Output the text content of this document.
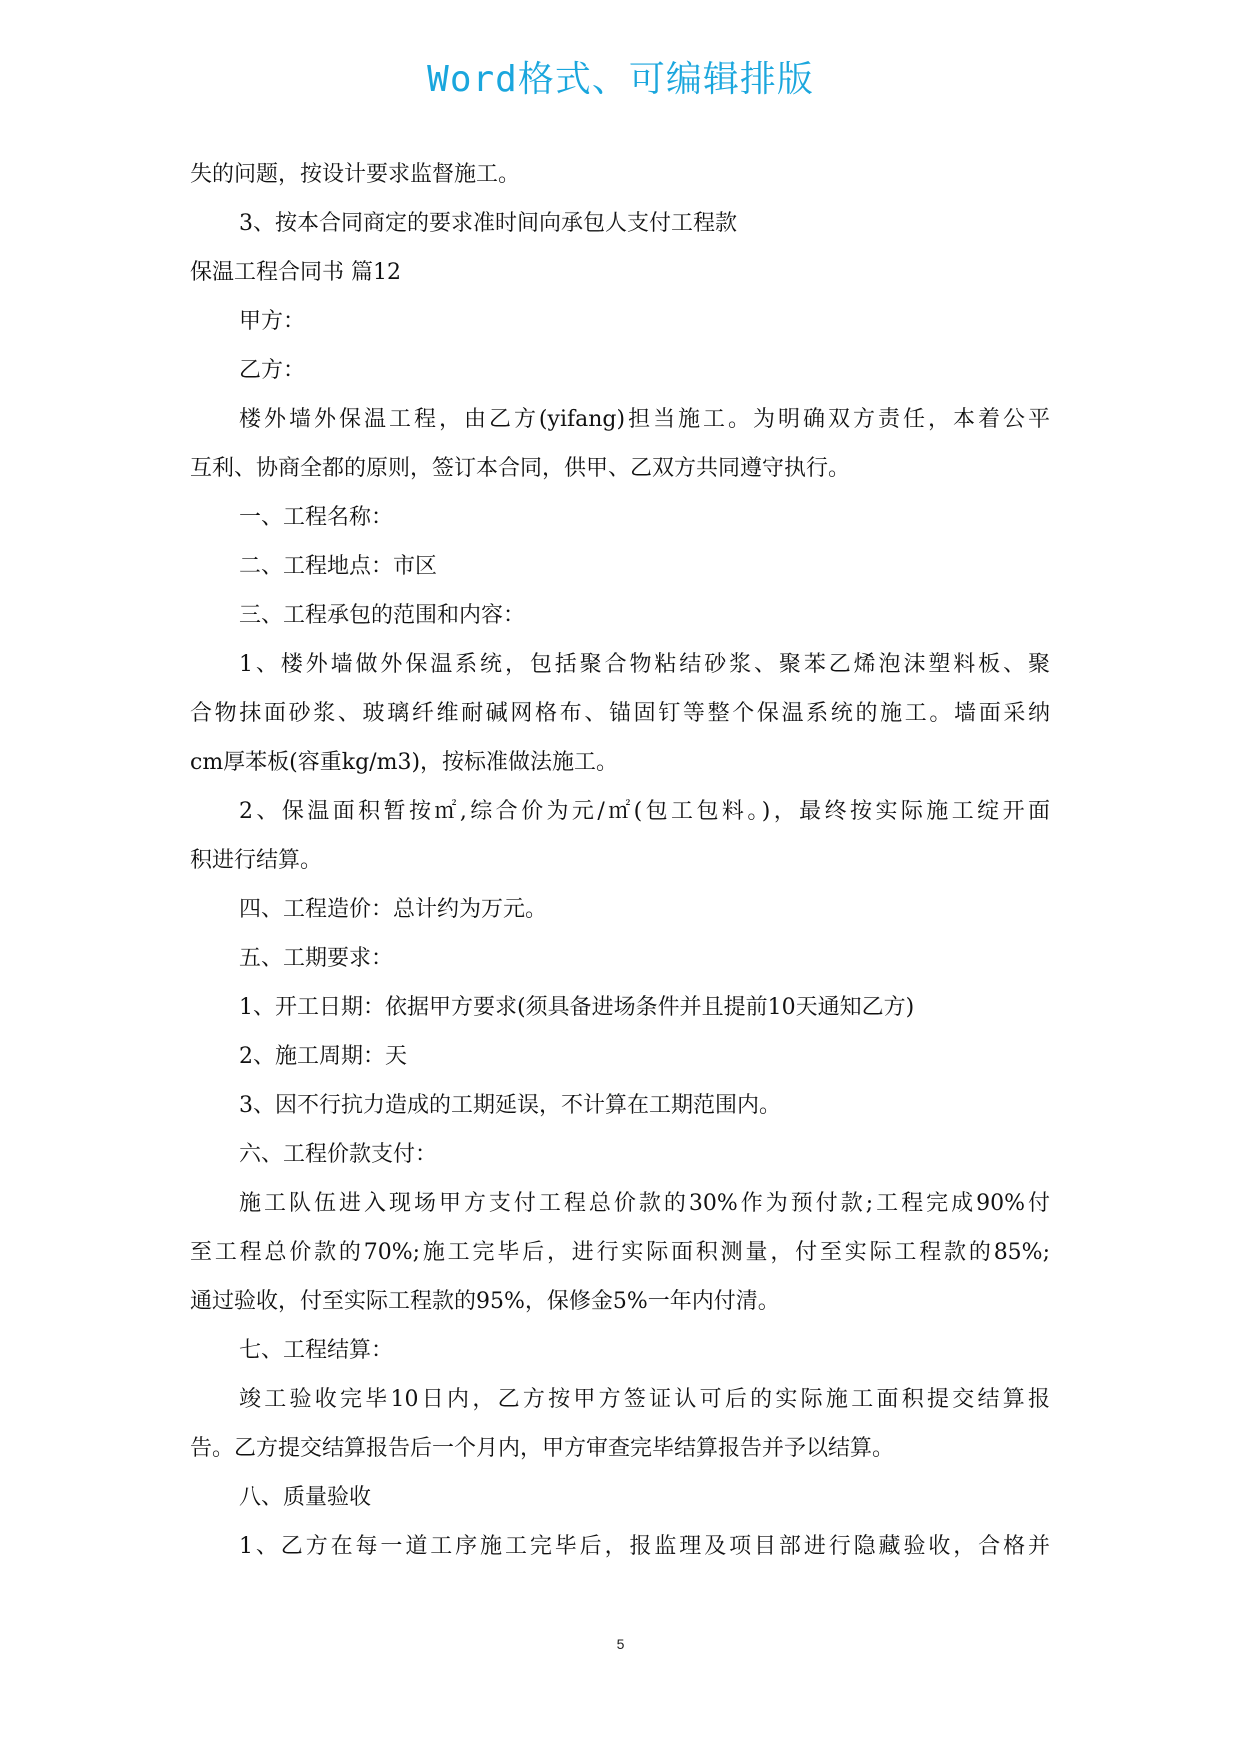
Word格式、可编辑排版
失的问题，按设计要求监督施工。
3、按本合同商定的要求准时间向承包人支付工程款
保温工程合同书 篇12
甲方：
乙方：
楼外墙外保温工程，由乙方(yifang)担当施工。为明确双方责任，本着公平
互利、协商全都的原则，签订本合同，供甲、乙双方共同遵守执行。
一、工程名称：
二、工程地点：市区
三、工程承包的范围和内容：
1、楼外墙做外保温系统，包括聚合物粘结砂浆、聚苯乙烯泡沫塑料板、聚
合物抹面砂浆、玻璃纤维耐碱网格布、锚固钉等整个保温系统的施工。墙面采纳
cm厚苯板(容重kg/m3)，按标准做法施工。
2、保温面积暂按㎡,综合价为元/㎡(包工包料。)，最终按实际施工绽开面
积进行结算。
四、工程造价：总计约为万元。
五、工期要求：
1、开工日期：依据甲方要求(须具备进场条件并且提前10天通知乙方)
2、施工周期：天
3、因不行抗力造成的工期延误，不计算在工期范围内。
六、工程价款支付：
施工队伍进入现场甲方支付工程总价款的30%作为预付款;工程完成90%付
至工程总价款的70%;施工完毕后，进行实际面积测量，付至实际工程款的85%;
通过验收，付至实际工程款的95%，保修金5%一年内付清。
七、工程结算：
竣工验收完毕10日内，乙方按甲方签证认可后的实际施工面积提交结算报
告。乙方提交结算报告后一个月内，甲方审查完毕结算报告并予以结算。
八、质量验收
1、乙方在每一道工序施工完毕后，报监理及项目部进行隐藏验收，合格并
5
